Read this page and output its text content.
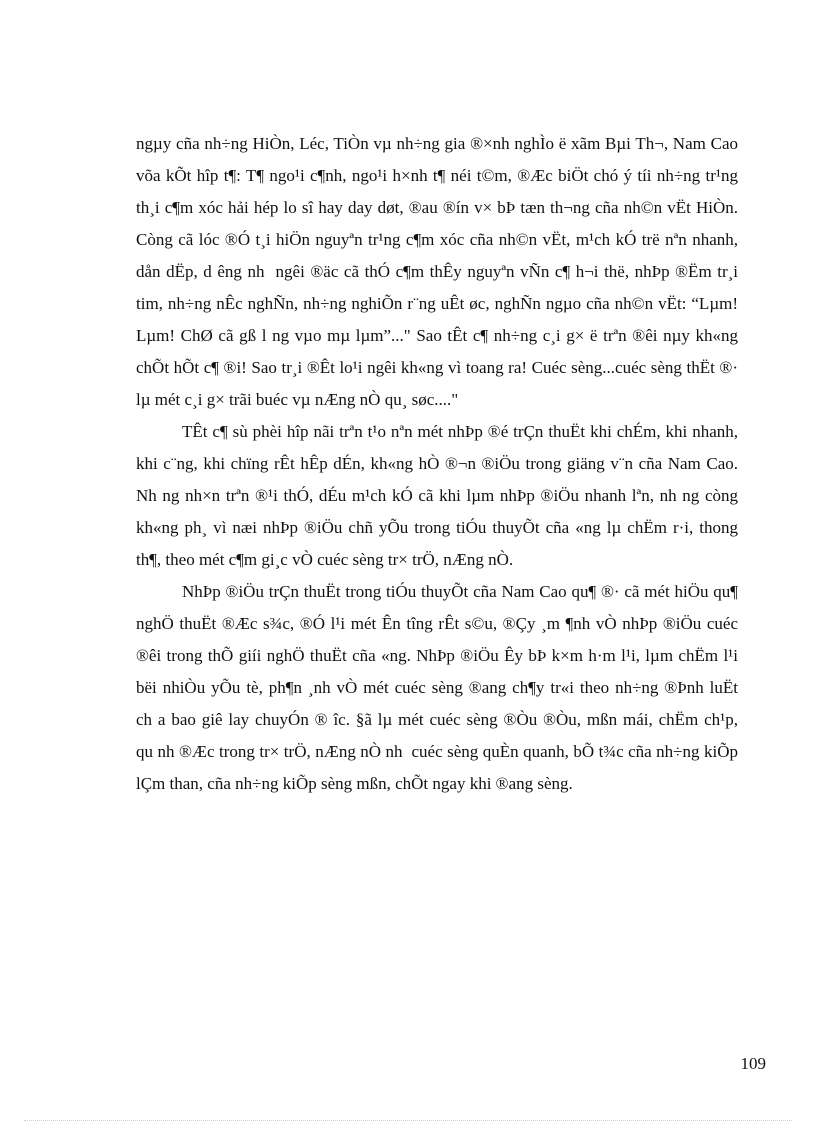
ngµy cña nh÷ng HiÒn, Léc, TiÒn vµ nh÷ng gia ®×nh nghÌo ë xãm Bµi Th¬, Nam Cao võa kÕt hîp t¶: T¶ ngo¹i c¶nh, ngo¹i h×nh t¶ néi t©m, ®Æc biÖt chó ý tíi nh÷ng tr¹ng th¸i c¶m xóc hải hép lo sî hay day døt, ®au ®ín v× bÞ tæn th¬ng cña nh©n vËt HiÒn. Còng cã lóc ®Ó t¸i hiÖn nguyªn tr¹ng c¶m xóc cña nh©n vËt, m¹ch kÓ trë nªn nhanh, dån dËp, d êng nh  ngêi ®äc cã thÓ c¶m thÊy nguyªn vÑn c¶ h¬i thë, nhÞp ®Ëm tr¸i tim, nh÷ng nÊc nghÑn, nh÷ng nghiÕn r¨ng uÊt øc, nghÑn ngµo cña nh©n vËt: “Lµm! Lµm! ChØ cã gß l ng vµo mµ lµm”..." Sao tÊt c¶ nh÷ng c¸i g× ë trªn ®êi nµy kh«ng chÕt hÕt c¶ ®i! Sao tr¸i ®Êt lo¹i ngêi kh«ng vì toang ra! Cuéc sèng...cuéc sèng thËt ®· lµ mét c¸i g× trãi buéc vµ nÆng nÒ qu¸ søc...."

TÊt c¶ sù phèi hîp nãi trªn t¹o nªn mét nhÞp ®é trÇn thuËt khi chÉm, khi nhanh, khi c¨ng, khi chïng rÊt hÊp dÉn, kh«ng hÒ ®¬n ®iÖu trong giäng v¨n cña Nam Cao. Nh ng nh×n trªn ®¹i thÓ, dÉu m¹ch kÓ cã khi lµm nhÞp ®iÖu nhanh lªn, nh ng còng kh«ng ph¸ vì næi nhÞp ®iÖu chñ yÕu trong tiÓu thuyÕt cña «ng lµ chËm r·i, thong th¶, theo mét c¶m gi¸c vÒ cuéc sèng tr× trÖ, nÆng nÒ.

NhÞp ®iÖu trÇn thuËt trong tiÓu thuyÕt cña Nam Cao qu¶ ®· cã mét hiÖu qu¶ nghÖ thuËt ®Æc s¾c, ®Ó l¹i mét Ên tîng rÊt s©u, ®Çy ¸m ¶nh vÒ nhÞp ®iÖu cuéc ®êi trong thÕ giíi nghÖ thuËt cña «ng. NhÞp ®iÖu Êy bÞ k×m h·m l¹i, lµm chËm l¹i bëi nhiÒu yÕu tè, ph¶n ¸nh vÒ mét cuéc sèng ®ang ch¶y tr«i theo nh÷ng ®Þnh luËt ch a bao giê lay chuyÓn ® îc. §ã lµ mét cuéc sèng ®Òu ®Òu, mßn mái, chËm ch¹p, qu nh ®Æc trong tr× trÖ, nÆng nÒ nh  cuéc sèng quÈn quanh, bÕ t¾c cña nh÷ng kiÕp lÇm than, cña nh÷ng kiÕp sèng mßn, chÕt ngay khi ®ang sèng.

109
